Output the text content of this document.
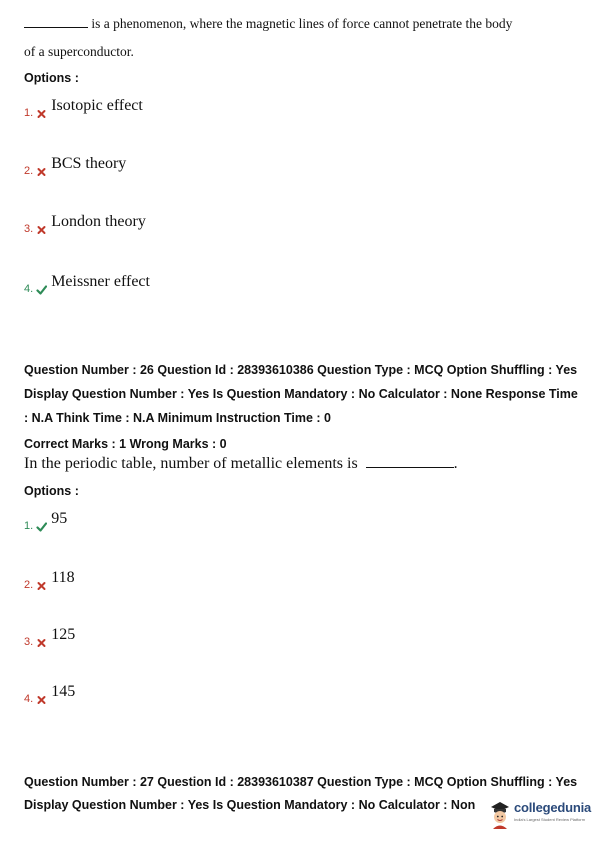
is a phenomenon, where the magnetic lines of force cannot penetrate the body
of a superconductor.
Options :
1. Isotopic effect
2. BCS theory
3. London theory
4. Meissner effect
Question Number : 26 Question Id : 28393610386 Question Type : MCQ Option Shuffling : Yes
Display Question Number : Yes Is Question Mandatory : No Calculator : None Response Time
: N.A Think Time : N.A Minimum Instruction Time : 0
Correct Marks : 1 Wrong Marks : 0
In the periodic table, number of metallic elements is	.
Options :
1. 95
2. 118
3. 125
4. 145
Question Number : 27 Question Id : 28393610387 Question Type : MCQ Option Shuffling : Yes
Display Question Number : Yes Is Question Mandatory : No Calculator : Non	collegedunia
India's Largest Student Review Platform
